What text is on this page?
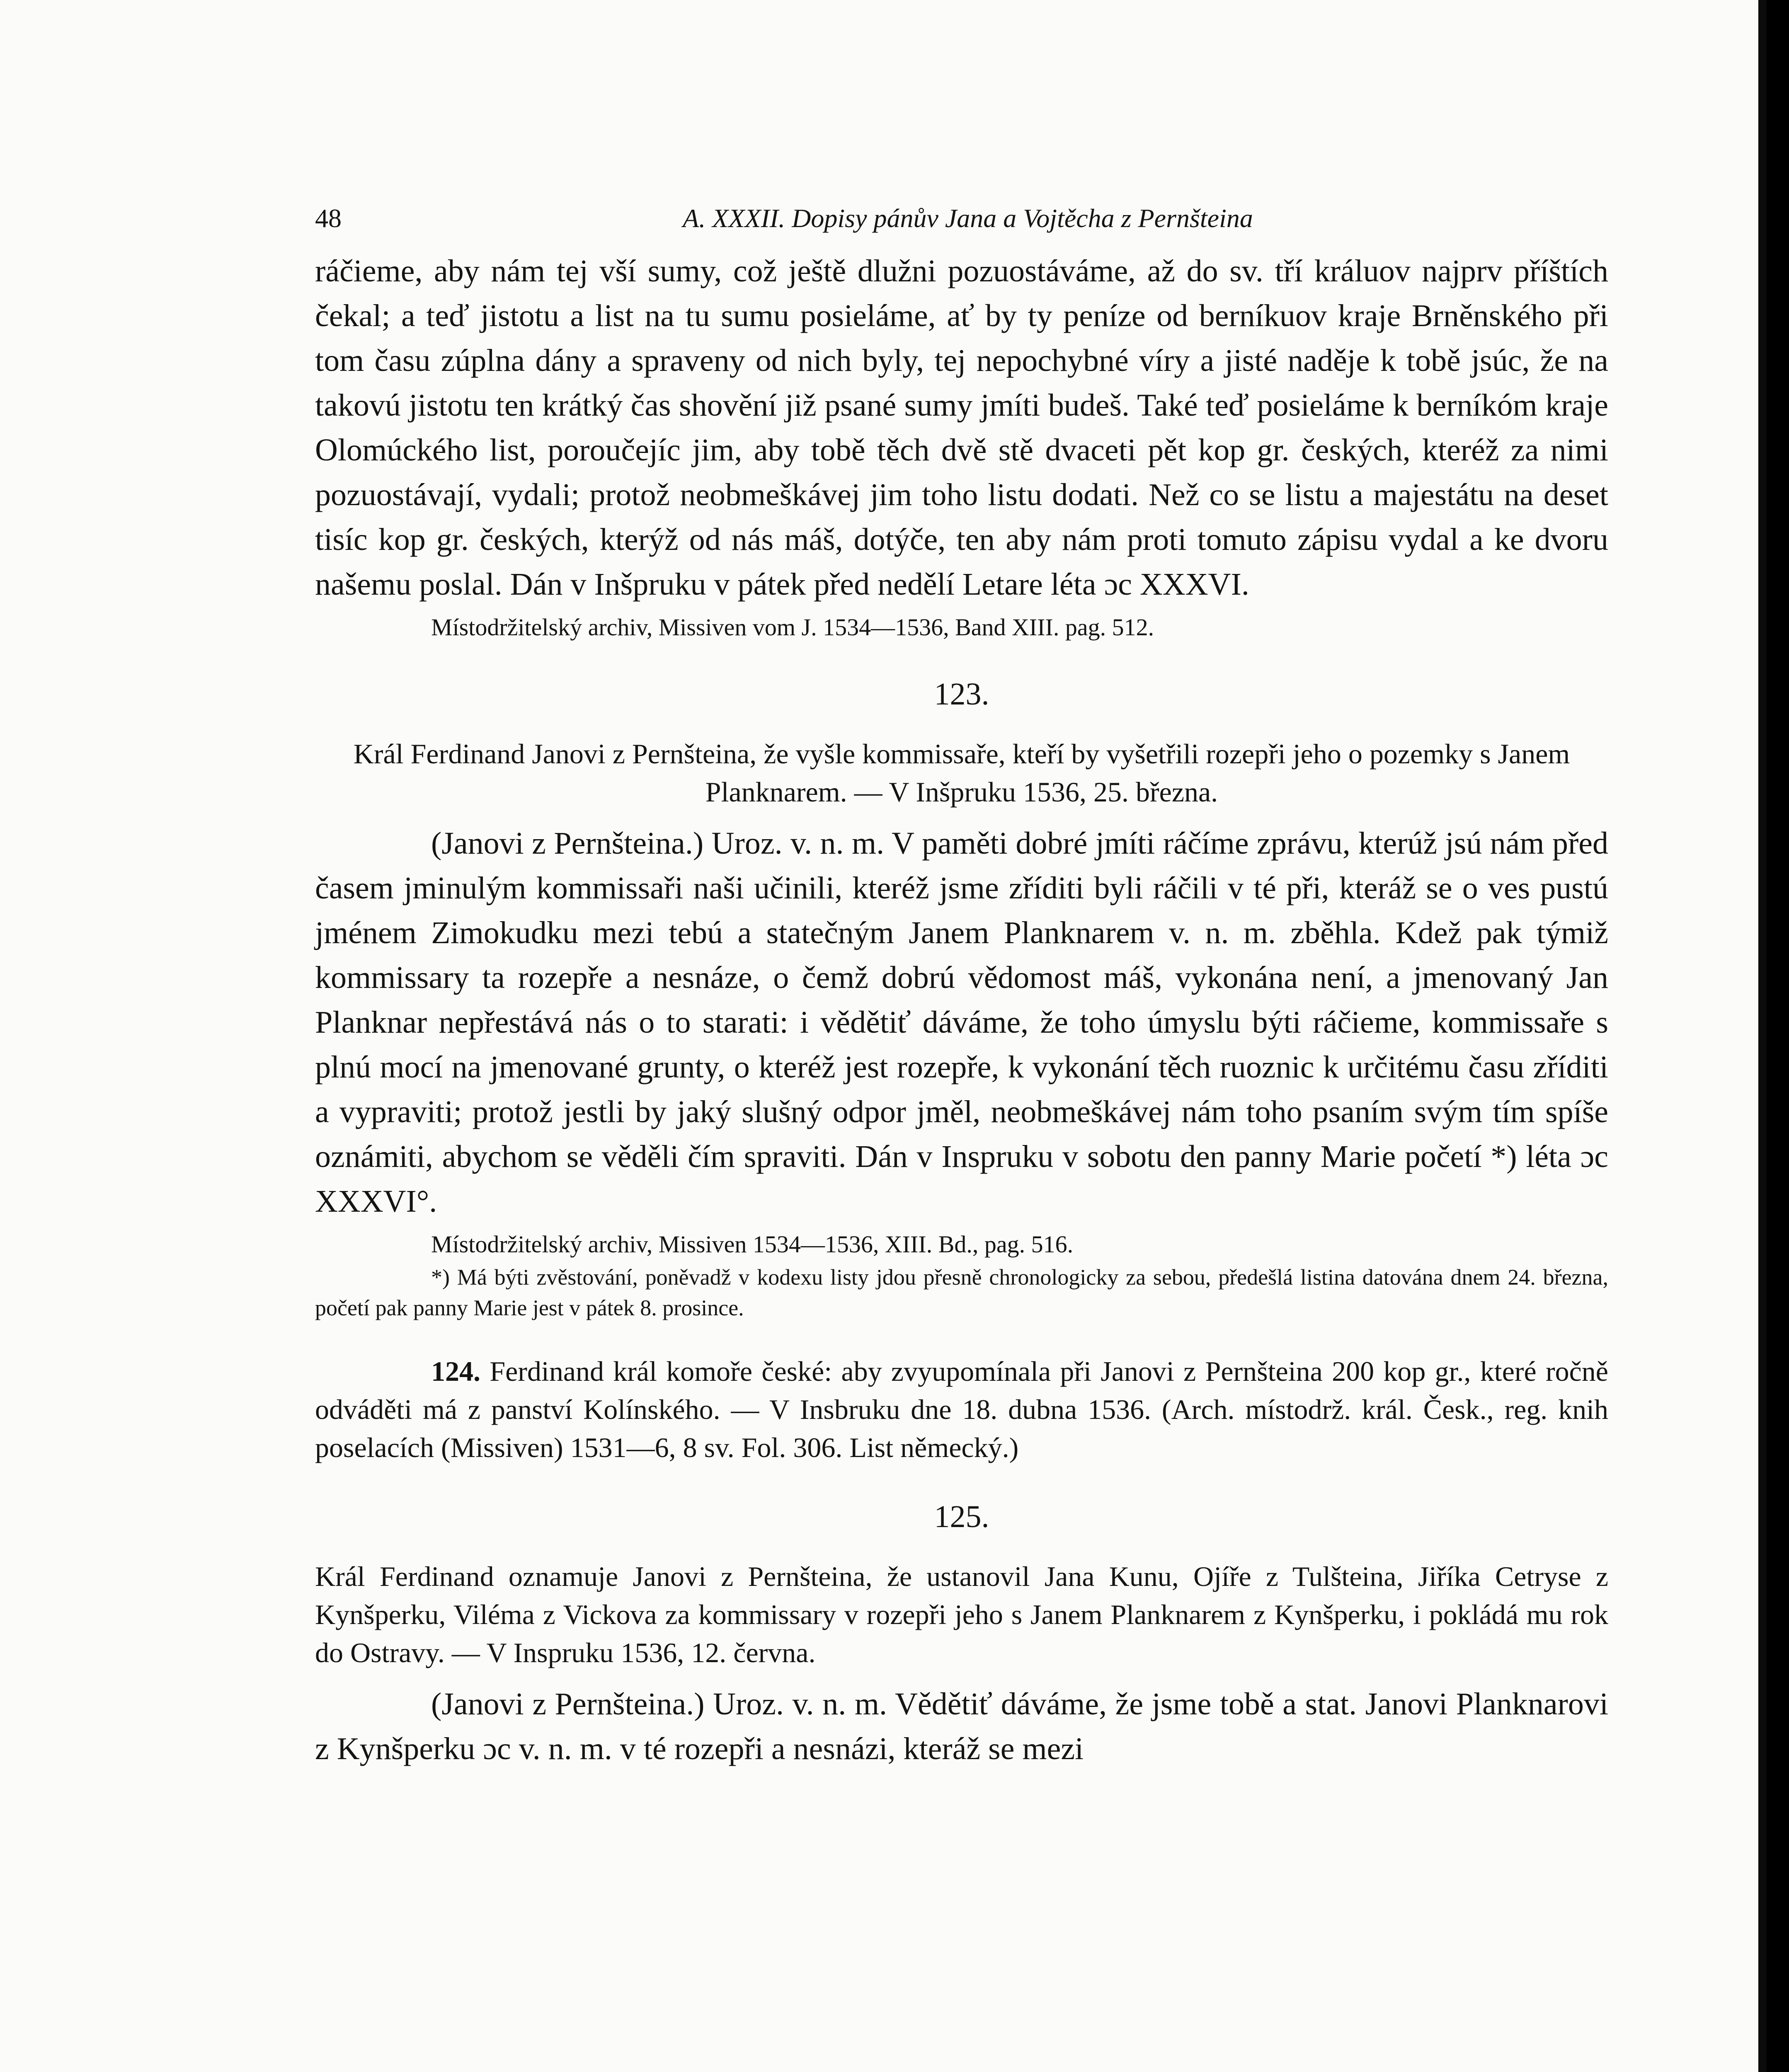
48	A. XXXII. Dopisy pánův Jana a Vojtěcha z Pernšteina

ráčieme, aby nám tej vší sumy, což ještě dlužni pozuostáváme, až do sv. tří králuov najprv příštích čekal; a teď jistotu a list na tu sumu posieláme, ať by ty peníze od berníkuov kraje Brněnského při tom času zúplna dány a spraveny od nich byly, tej nepochybné víry a jisté naděje k tobě jsúc, že na takovú jistotu ten krátký čas shovění již psané sumy jmíti budeš. Také teď posieláme k berníkóm kraje Olomúckého list, poroučejíc jim, aby tobě těch dvě stě dvaceti pět kop gr. českých, kteréž za nimi pozuostávají, vydali; protož neobmeškávej jim toho listu dodati. Než co se listu a majestátu na deset tisíc kop gr. českých, kterýž od nás máš, dotýče, ten aby nám proti tomuto zápisu vydal a ke dvoru našemu poslal. Dán v Inšpruku v pátek před nedělí Letare léta ɔc XXXVI.

Místodržitelský archiv, Missiven vom J. 1534—1536, Band XIII. pag. 512.

123.

Král Ferdinand Janovi z Pernšteina, že vyšle kommissaře, kteří by vyšetřili rozepři jeho o pozemky s Janem Planknarem. — V Inšpruku 1536, 25. března.

(Janovi z Pernšteina.) Uroz. v. n. m. V paměti dobré jmíti ráčíme zprávu, kterúž jsú nám před časem jminulým kommissaři naši učinili, kteréž jsme zříditi byli ráčili v té při, kteráž se o ves pustú jménem Zimokudku mezi tebú a statečným Janem Planknarem v. n. m. zběhla. Kdež pak týmiž kommissary ta rozepře a nesnáze, o čemž dobrú vědomost máš, vykonána není, a jmenovaný Jan Planknar nepřestává nás o to starati: i vědětiť dáváme, že toho úmyslu býti ráčieme, kommissaře s plnú mocí na jmenované grunty, o kteréž jest rozepře, k vykonání těch ruoznic k určitému času zříditi a vypraviti; protož jestli by jaký slušný odpor jměl, neobmeškávej nám toho psaním svým tím spíše oznámiti, abychom se věděli čím spraviti. Dán v Inspruku v sobotu den panny Marie početí *) léta ɔc XXXVI°.

Místodržitelský archiv, Missiven 1534—1536, XIII. Bd., pag. 516.

*) Má býti zvěstování, poněvadž v kodexu listy jdou přesně chronologicky za sebou, předešlá listina datována dnem 24. března, početí pak panny Marie jest v pátek 8. prosince.

124. Ferdinand král komoře české: aby zvyupomínala při Janovi z Pernšteina 200 kop gr., které ročně odváděti má z panství Kolínského. — V Insbruku dne 18. dubna 1536. (Arch. místodrž. král. Česk., reg. knih poselacích (Missiven) 1531—6, 8 sv. Fol. 306. List německý.)

125.

Král Ferdinand oznamuje Janovi z Pernšteina, že ustanovil Jana Kunu, Ojíře z Tulšteina, Jiříka Cetryse z Kynšperku, Viléma z Vickova za kommissary v rozepři jeho s Janem Planknarem z Kynšperku, i pokládá mu rok do Ostravy. — V Inspruku 1536, 12. června.

(Janovi z Pernšteina.) Uroz. v. n. m. Vědětiť dáváme, že jsme tobě a stat. Janovi Planknarovi z Kynšperku ɔc v. n. m. v té rozepři a nesnázi, kteráž se mezi
